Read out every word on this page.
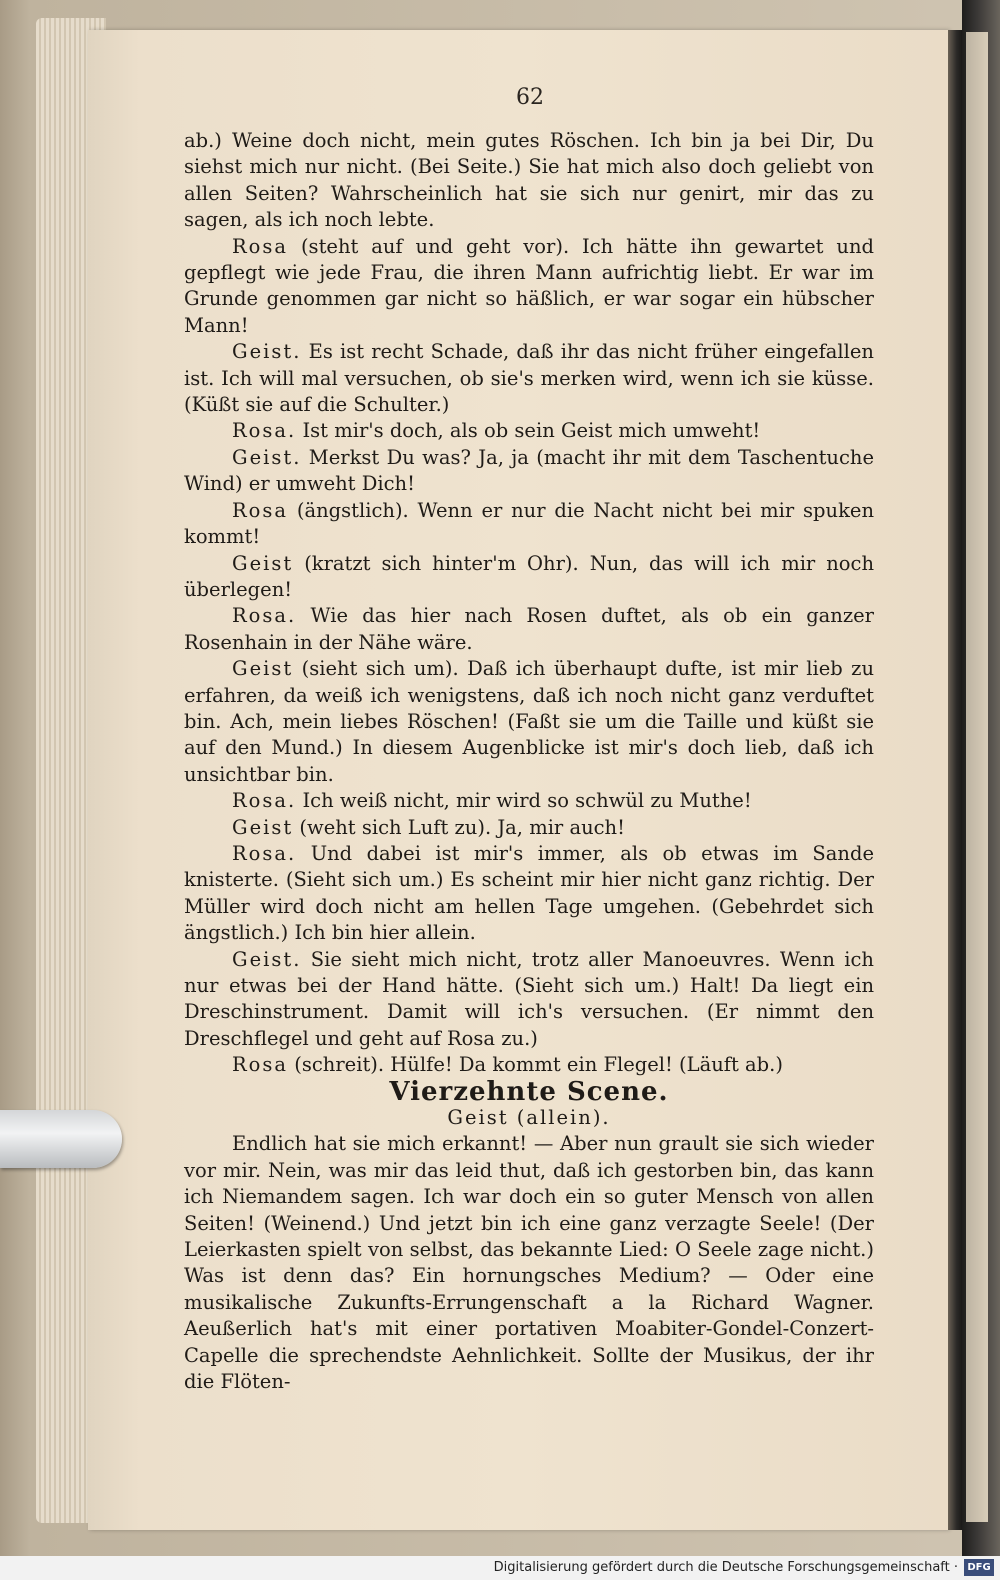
62

ab.) Weine doch nicht, mein gutes Röschen. Ich bin ja bei Dir, Du siehst mich nur nicht. (Bei Seite.) Sie hat mich also doch geliebt von allen Seiten? Wahrscheinlich hat sie sich nur genirt, mir das zu sagen, als ich noch lebte.

Rosa (steht auf und geht vor). Ich hätte ihn gewartet und gepflegt wie jede Frau, die ihren Mann aufrichtig liebt. Er war im Grunde genommen gar nicht so häßlich, er war sogar ein hübscher Mann!

Geist. Es ist recht Schade, daß ihr das nicht früher eingefallen ist. Ich will mal versuchen, ob sie's merken wird, wenn ich sie küsse. (Küßt sie auf die Schulter.)

Rosa. Ist mir's doch, als ob sein Geist mich umweht!

Geist. Merkst Du was? Ja, ja (macht ihr mit dem Taschentuche Wind) er umweht Dich!

Rosa (ängstlich). Wenn er nur die Nacht nicht bei mir spuken kommt!

Geist (kratzt sich hinter'm Ohr). Nun, das will ich mir noch überlegen!

Rosa. Wie das hier nach Rosen duftet, als ob ein ganzer Rosenhain in der Nähe wäre.

Geist (sieht sich um). Daß ich überhaupt dufte, ist mir lieb zu erfahren, da weiß ich wenigstens, daß ich noch nicht ganz verduftet bin. Ach, mein liebes Röschen! (Faßt sie um die Taille und küßt sie auf den Mund.) In diesem Augenblicke ist mir's doch lieb, daß ich unsichtbar bin.

Rosa. Ich weiß nicht, mir wird so schwül zu Muthe!

Geist (weht sich Luft zu). Ja, mir auch!

Rosa. Und dabei ist mir's immer, als ob etwas im Sande knisterte. (Sieht sich um.) Es scheint mir hier nicht ganz richtig. Der Müller wird doch nicht am hellen Tage umgehen. (Gebehrdet sich ängstlich.) Ich bin hier allein.

Geist. Sie sieht mich nicht, trotz aller Manoeuvres. Wenn ich nur etwas bei der Hand hätte. (Sieht sich um.) Halt! Da liegt ein Dreschinstrument. Damit will ich's versuchen. (Er nimmt den Dreschflegel und geht auf Rosa zu.)

Rosa (schreit). Hülfe! Da kommt ein Flegel! (Läuft ab.)

Vierzehnte Scene.

Geist (allein).

Endlich hat sie mich erkannt! — Aber nun grault sie sich wieder vor mir. Nein, was mir das leid thut, daß ich gestorben bin, das kann ich Niemandem sagen. Ich war doch ein so guter Mensch von allen Seiten! (Weinend.) Und jetzt bin ich eine ganz verzagte Seele! (Der Leierkasten spielt von selbst, das bekannte Lied: O Seele zage nicht.) Was ist denn das? Ein hornungsches Medium? — Oder eine musikalische Zukunfts-Errungenschaft a la Richard Wagner. Aeußerlich hat's mit einer portativen Moabiter-Gondel-Conzert-Capelle die sprechendste Aehnlichkeit. Sollte der Musikus, der ihr die Flöten-

Digitalisierung gefördert durch die Deutsche Forschungsgemeinschaft · DFG
